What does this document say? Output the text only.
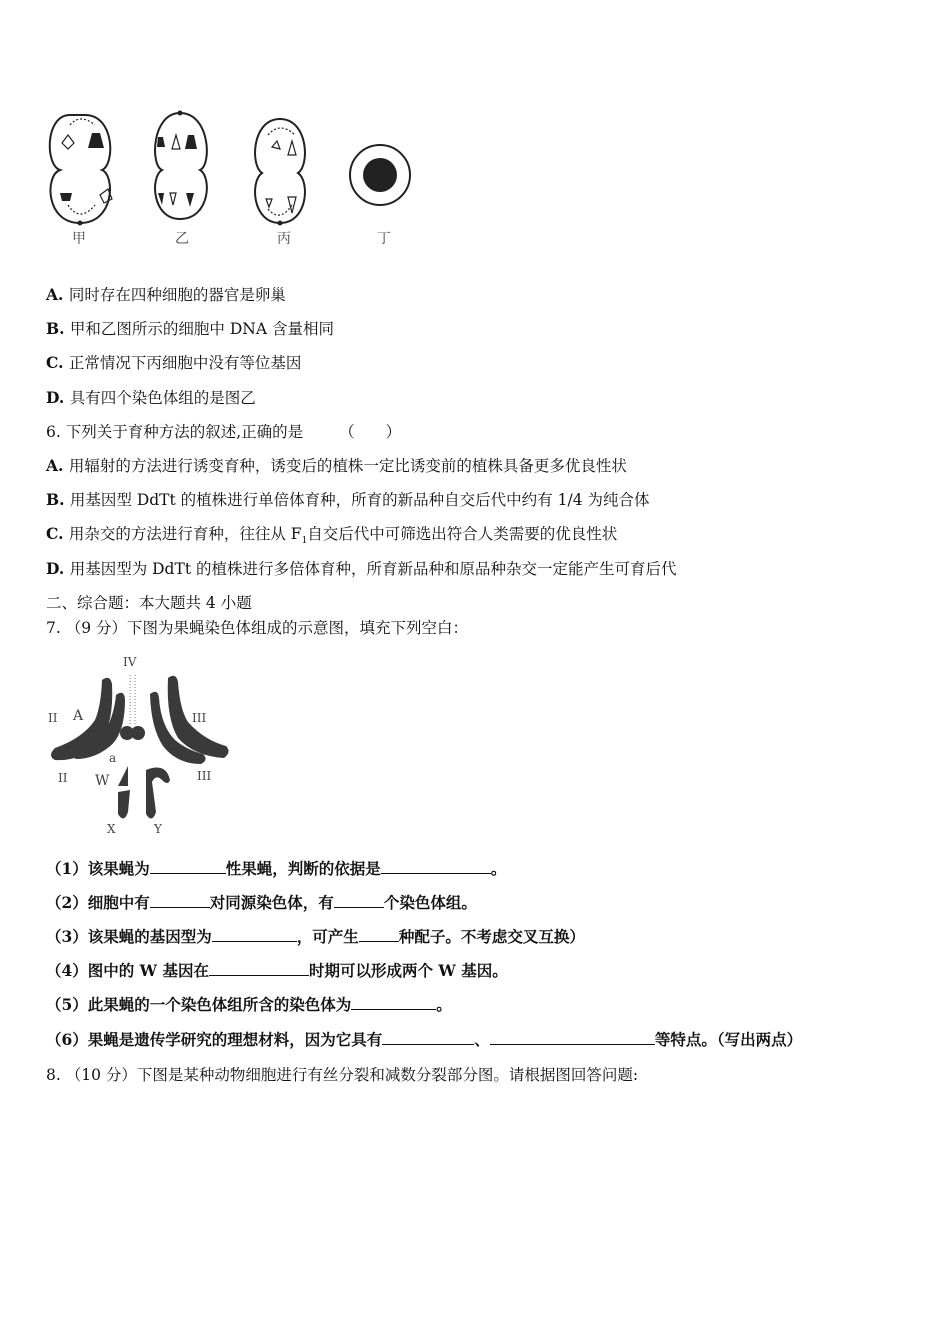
甲	乙	丙	丁
A. 同时存在四种细胞的器官是卵巢
B. 甲和乙图所示的细胞中 DNA 含量相同
C. 正常情况下丙细胞中没有等位基因
D. 具有四个染色体组的是图乙
6. 下列关于育种方法的叙述,正确的是 （　　）
A. 用辐射的方法进行诱变育种，诱变后的植株一定比诱变前的植株具备更多优良性状
B. 用基因型 DdTt 的植株进行单倍体育种，所育的新品种自交后代中约有 1/4 为纯合体
C. 用杂交的方法进行育种，往往从 $F_1$自交后代中可筛选出符合人类需要的优良性状
D. 用基因型为 DdTt 的植株进行多倍体育种，所育新品种和原品种杂交一定能产生可育后代
二、综合题：本大题共 4 小题
7. （9 分）下图为果蝇染色体组成的示意图，填充下列空白：
IV
II
II
III
III
A
a
W
X	Y
（1）该果蝇为	性果蝇，判断的依据是	。
（2）细胞中有	对同源染色体，有	个染色体组。
（3）该果蝇的基因型为	，可产生	种配子。不考虑交叉互换）
（4）图中的 W 基因在	时期可以形成两个 W 基因。
（5）此果蝇的一个染色体组所含的染色体为	。
（6）果蝇是遗传学研究的理想材料，因为它具有	、	等特点。（写出两点）
8. （10 分）下图是某种动物细胞进行有丝分裂和减数分裂部分图。请根据图回答问题:
